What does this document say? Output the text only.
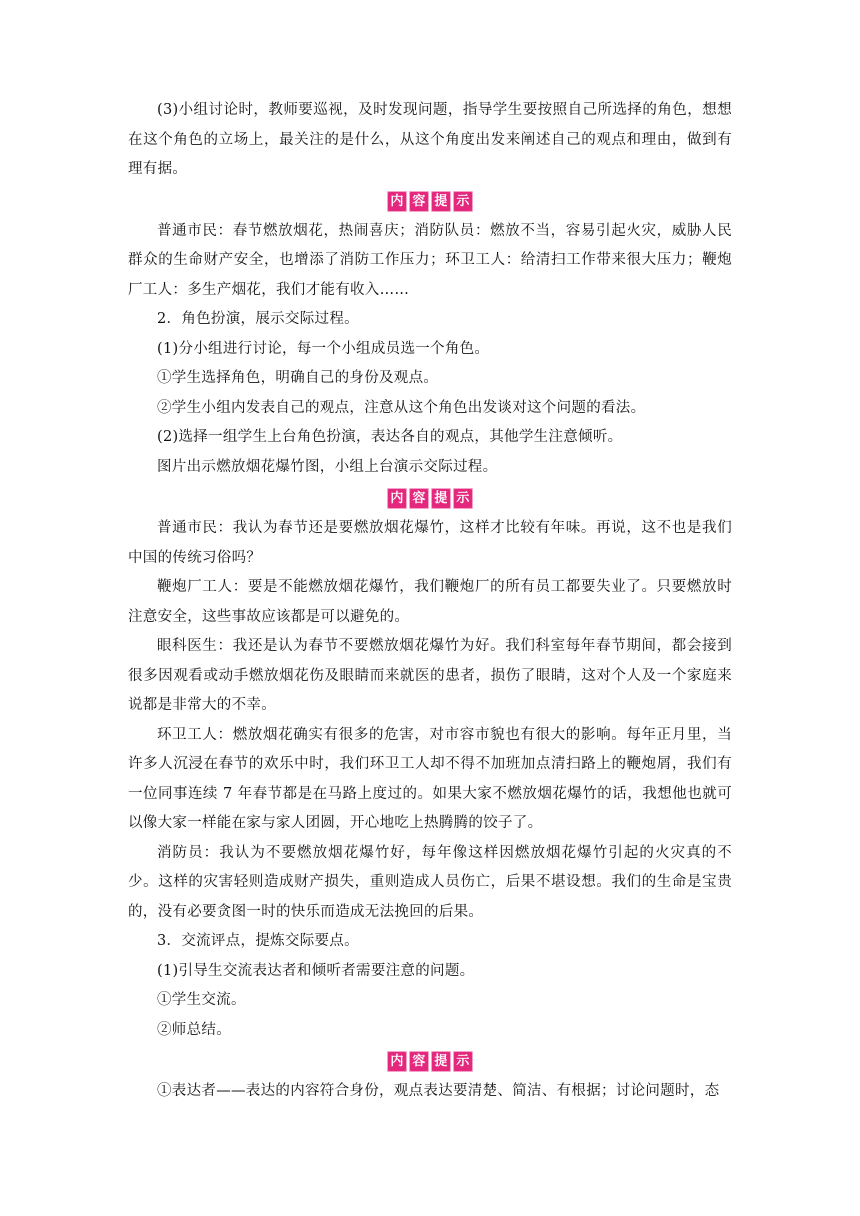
(3)小组讨论时，教师要巡视，及时发现问题，指导学生要按照自己所选择的角色，想想在这个角色的立场上，最关注的是什么，从这个角度出发来阐述自己的观点和理由，做到有理有据。

内 容 提 示

普通市民：春节燃放烟花，热闹喜庆；消防队员：燃放不当，容易引起火灾，威胁人民群众的生命财产安全，也增添了消防工作压力；环卫工人：给清扫工作带来很大压力；鞭炮厂工人：多生产烟花，我们才能有收入……

2．角色扮演，展示交际过程。

(1)分小组进行讨论，每一个小组成员选一个角色。

①学生选择角色，明确自己的身份及观点。

②学生小组内发表自己的观点，注意从这个角色出发谈对这个问题的看法。

(2)选择一组学生上台角色扮演，表达各自的观点，其他学生注意倾听。

图片出示燃放烟花爆竹图，小组上台演示交际过程。

内 容 提 示

普通市民：我认为春节还是要燃放烟花爆竹，这样才比较有年味。再说，这不也是我们中国的传统习俗吗？

鞭炮厂工人：要是不能燃放烟花爆竹，我们鞭炮厂的所有员工都要失业了。只要燃放时注意安全，这些事故应该都是可以避免的。

眼科医生：我还是认为春节不要燃放烟花爆竹为好。我们科室每年春节期间，都会接到很多因观看或动手燃放烟花伤及眼睛而来就医的患者，损伤了眼睛，这对个人及一个家庭来说都是非常大的不幸。

环卫工人：燃放烟花确实有很多的危害，对市容市貌也有很大的影响。每年正月里，当许多人沉浸在春节的欢乐中时，我们环卫工人却不得不加班加点清扫路上的鞭炮屑，我们有一位同事连续 7 年春节都是在马路上度过的。如果大家不燃放烟花爆竹的话，我想他也就可以像大家一样能在家与家人团圆，开心地吃上热腾腾的饺子了。

消防员：我认为不要燃放烟花爆竹好，每年像这样因燃放烟花爆竹引起的火灾真的不少。这样的灾害轻则造成财产损失，重则造成人员伤亡，后果不堪设想。我们的生命是宝贵的，没有必要贪图一时的快乐而造成无法挽回的后果。

3．交流评点，提炼交际要点。

(1)引导生交流表达者和倾听者需要注意的问题。

①学生交流。

②师总结。

内 容 提 示

①表达者——表达的内容符合身份，观点表达要清楚、简洁、有根据；讨论问题时，态
